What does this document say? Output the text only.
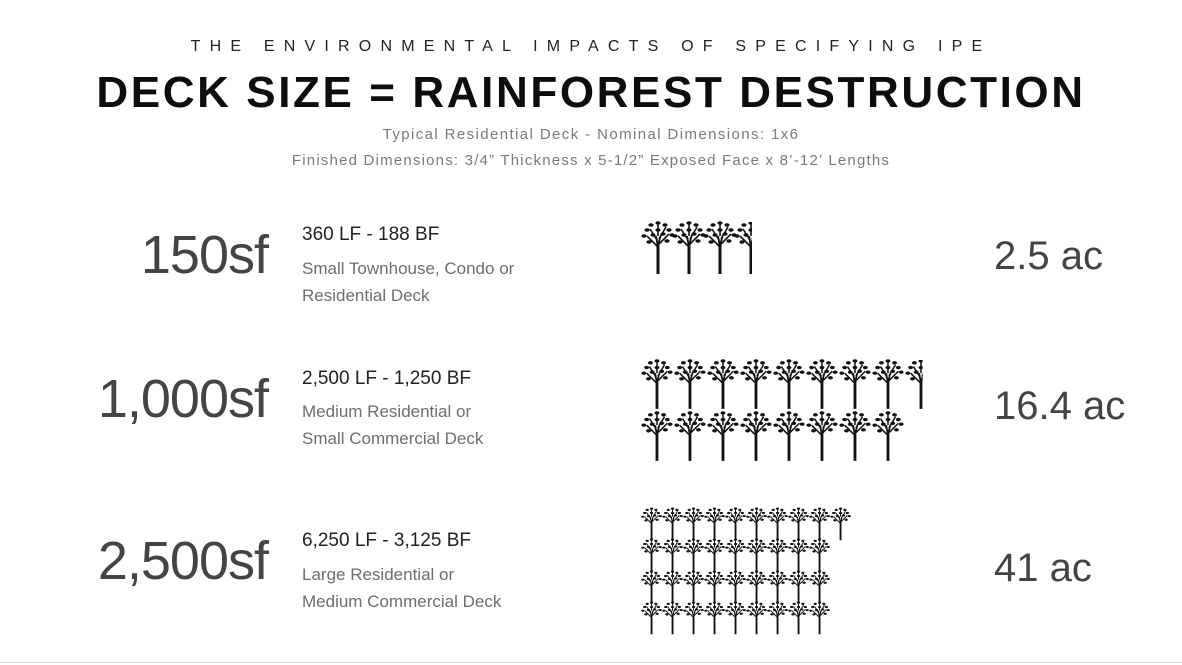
THE ENVIRONMENTAL IMPACTS OF SPECIFYING IPE
DECK SIZE = RAINFOREST DESTRUCTION
Typical Residential Deck - Nominal Dimensions: 1x6
Finished Dimensions: 3/4” Thickness x 5-1/2” Exposed Face x 8’-12’ Lengths
150sf 360 LF - 188 BF
Small Townhouse, Condo or
Residential Deck
2.5 ac
1,000sf 2,500 LF - 1,250 BF
Medium Residential or
Small Commercial Deck
16.4 ac
2,500sf 6,250 LF - 3,125 BF
Large Residential or
Medium Commercial Deck
41 ac
